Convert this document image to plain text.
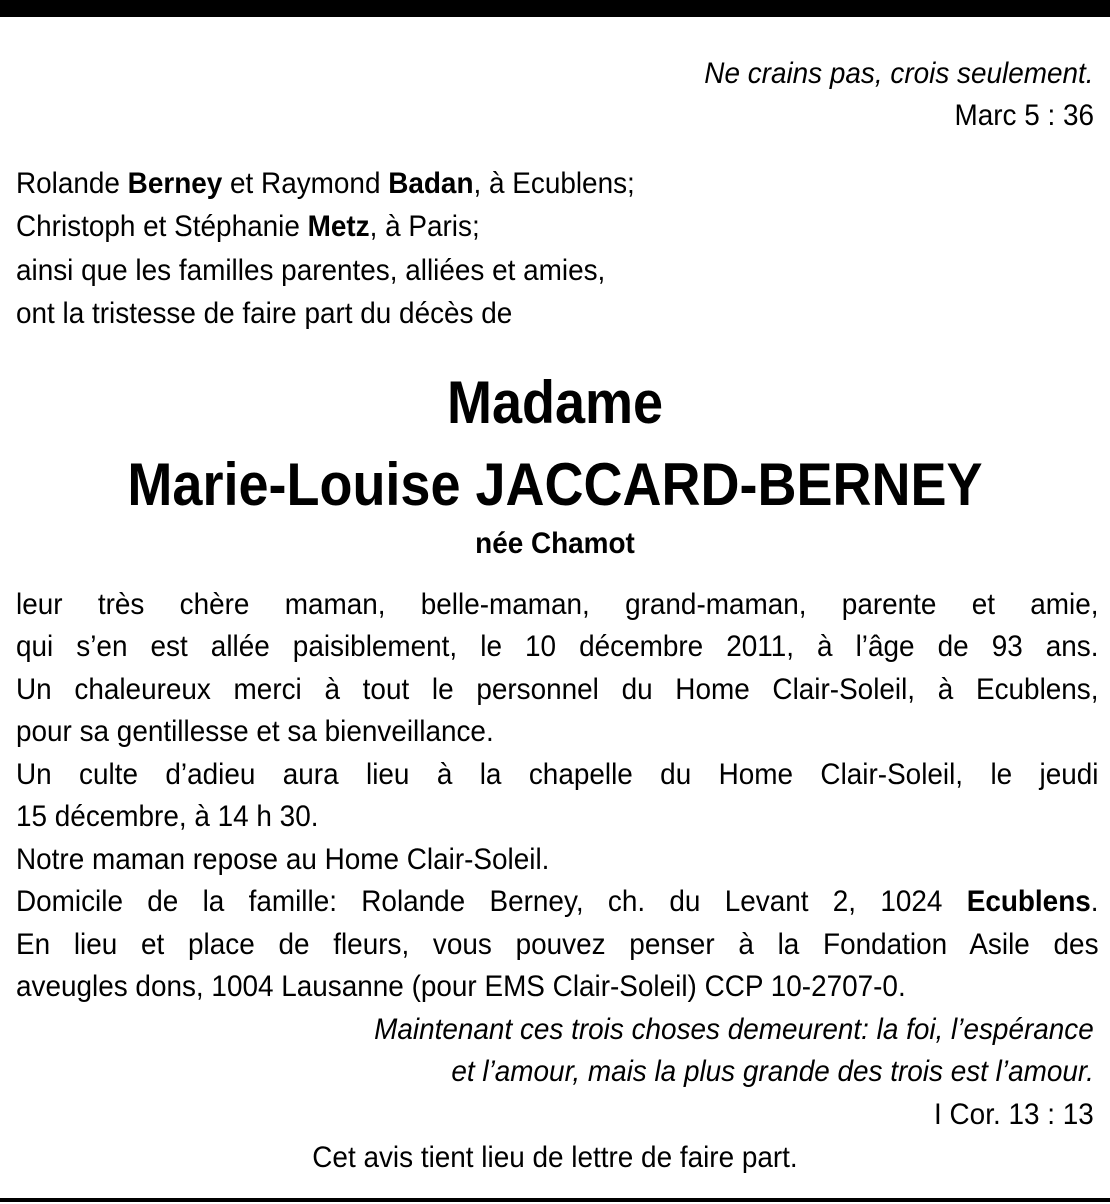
Ne crains pas, crois seulement.
Marc 5 : 36
Rolande Berney et Raymond Badan, à Ecublens;
Christoph et Stéphanie Metz, à Paris;
ainsi que les familles parentes, alliées et amies,
ont la tristesse de faire part du décès de
Madame
Marie-Louise JACCARD-BERNEY
née Chamot
leur très chère maman, belle-maman, grand-maman, parente et amie,
qui s’en est allée paisiblement, le 10 décembre 2011, à l’âge de 93 ans.
Un chaleureux merci à tout le personnel du Home Clair-Soleil, à Ecublens,
pour sa gentillesse et sa bienveillance.
Un culte d’adieu aura lieu à la chapelle du Home Clair-Soleil, le jeudi
15 décembre, à 14 h 30.
Notre maman repose au Home Clair-Soleil.
Domicile de la famille: Rolande Berney, ch. du Levant 2, 1024 Ecublens.
En lieu et place de fleurs, vous pouvez penser à la Fondation Asile des
aveugles dons, 1004 Lausanne (pour EMS Clair-Soleil) CCP 10-2707-0.
Maintenant ces trois choses demeurent: la foi, l’espérance
et l’amour, mais la plus grande des trois est l’amour.
I Cor. 13 : 13
Cet avis tient lieu de lettre de faire part.
